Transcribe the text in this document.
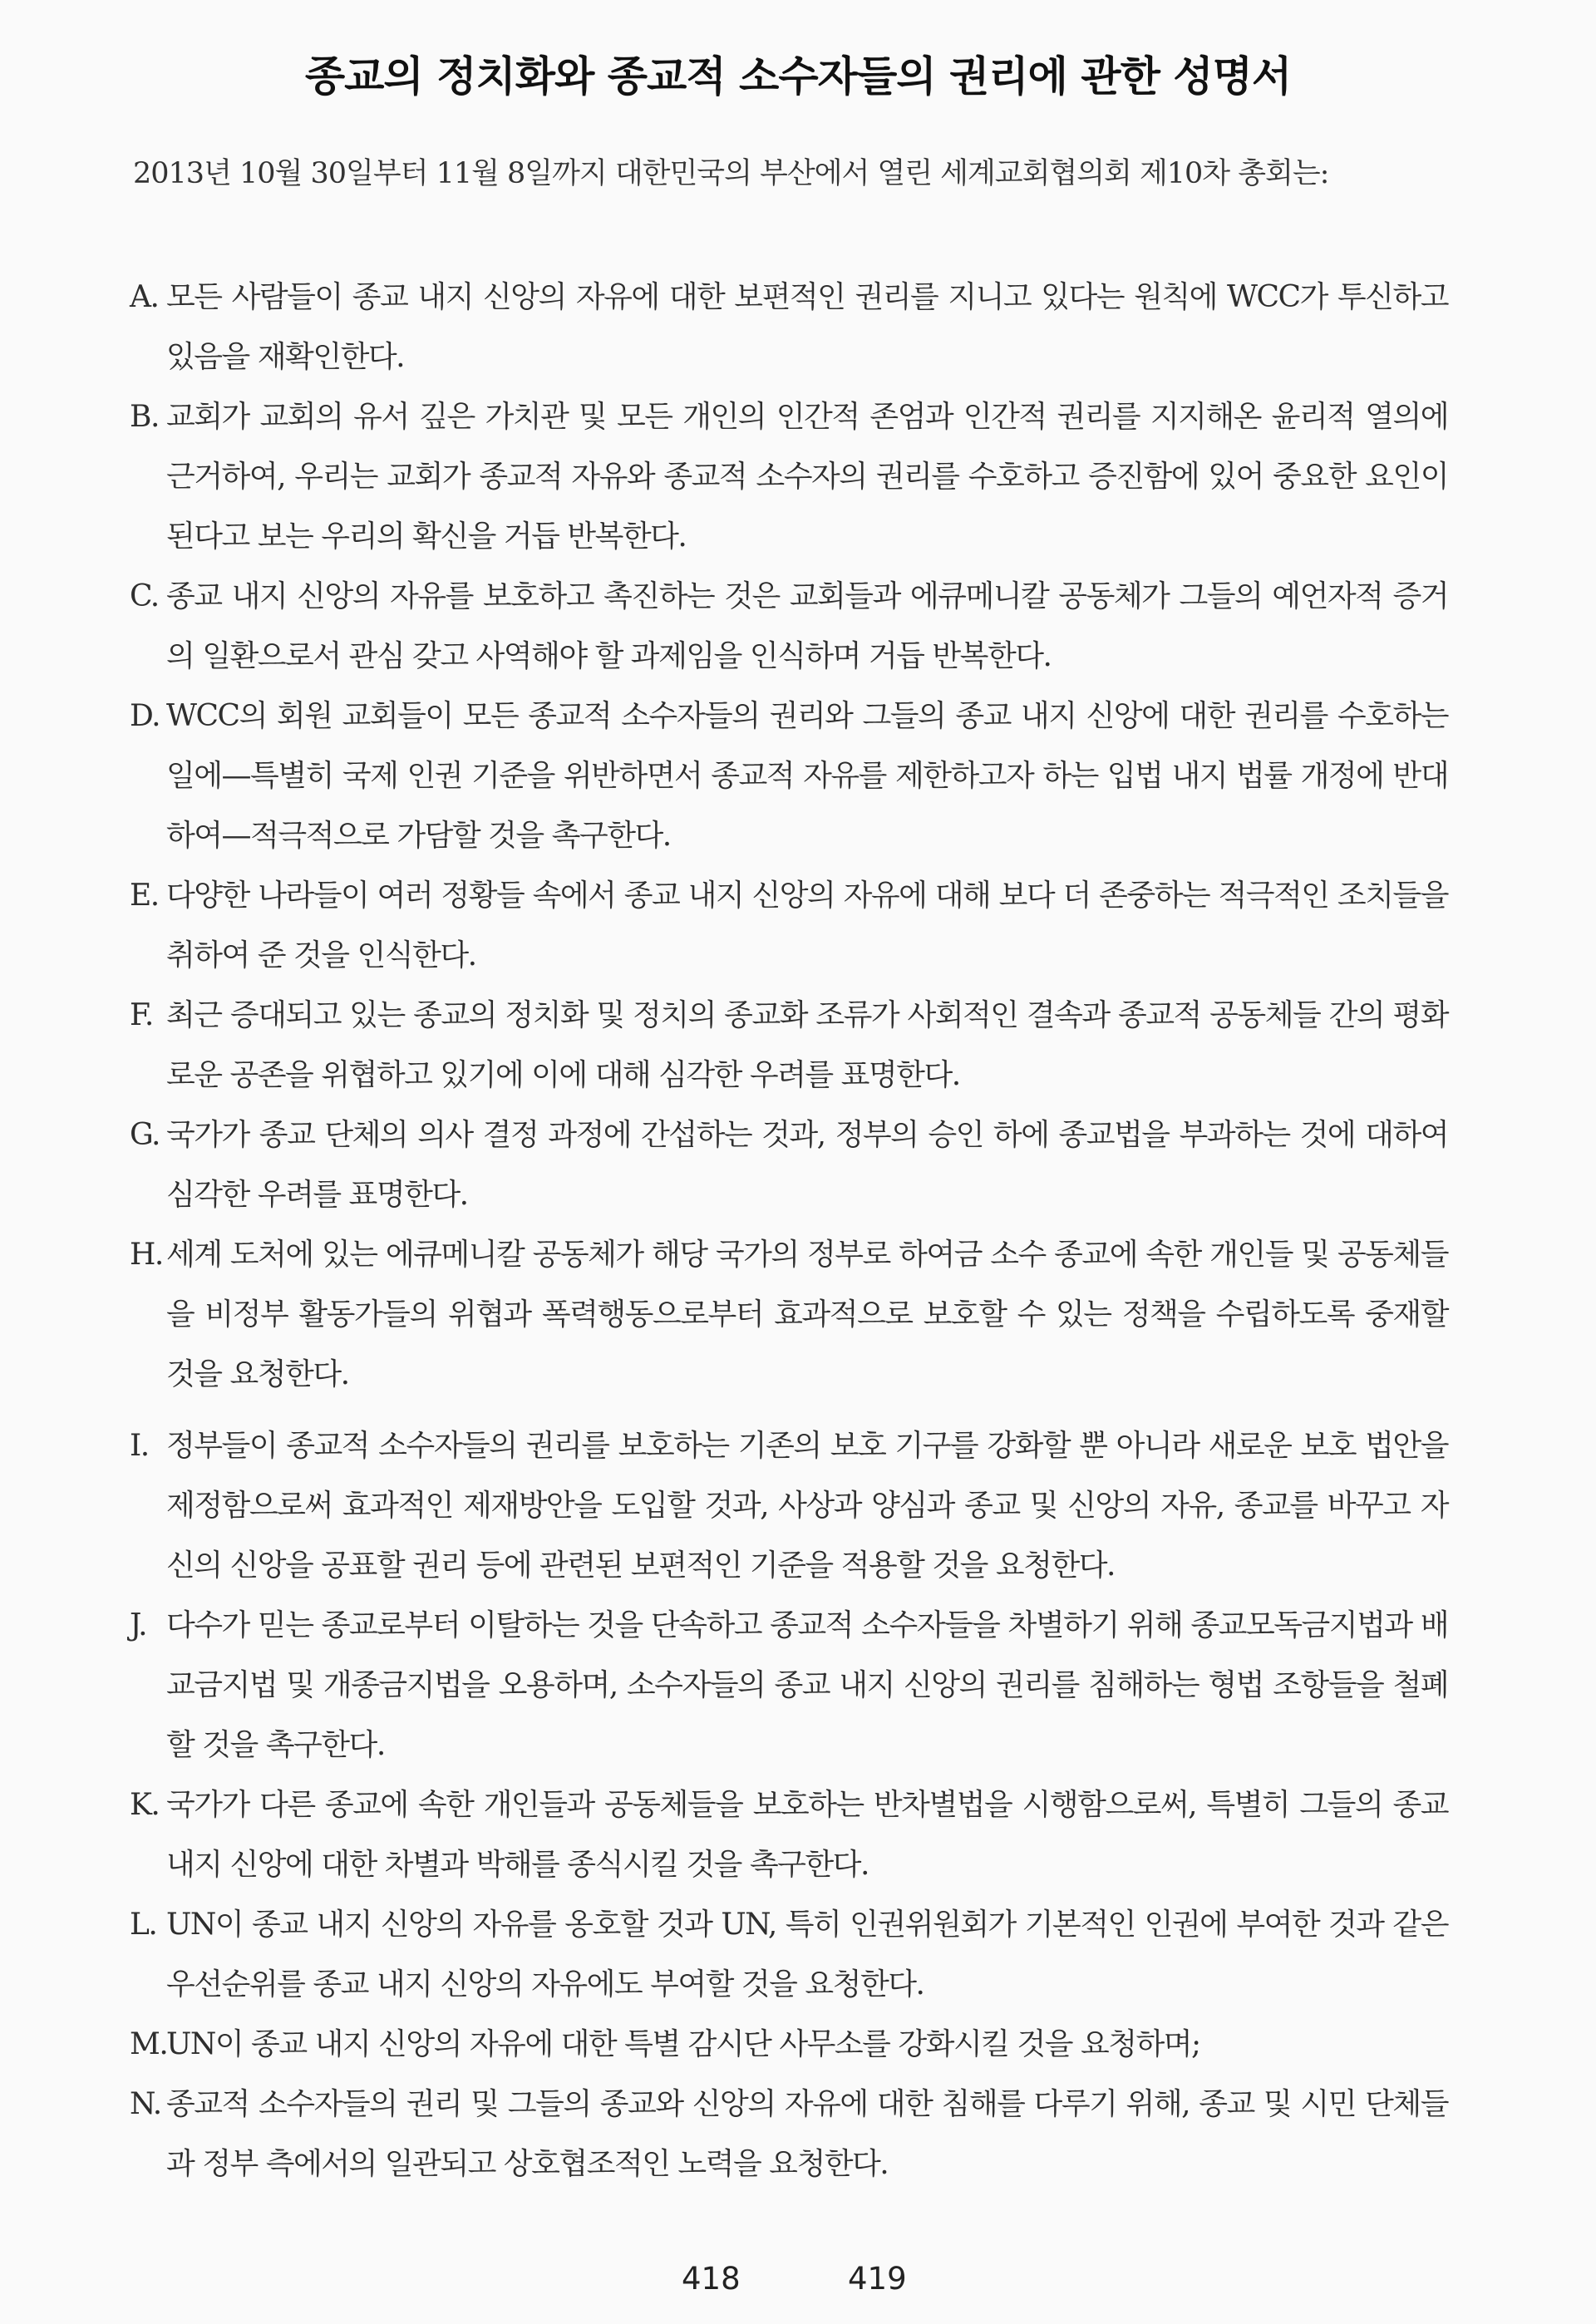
종교의 정치화와 종교적 소수자들의 권리에 관한 성명서
2013년 10월 30일부터 11월 8일까지 대한민국의 부산에서 열린 세계교회협의회 제10차 총회는:
A. 모든 사람들이 종교 내지 신앙의 자유에 대한 보편적인 권리를 지니고 있다는 원칙에 WCC가 투신하고 있음을 재확인한다.
B. 교회가 교회의 유서 깊은 가치관 및 모든 개인의 인간적 존엄과 인간적 권리를 지지해온 윤리적 열의에 근거하여, 우리는 교회가 종교적 자유와 종교적 소수자의 권리를 수호하고 증진함에 있어 중요한 요인이 된다고 보는 우리의 확신을 거듭 반복한다.
C. 종교 내지 신앙의 자유를 보호하고 촉진하는 것은 교회들과 에큐메니칼 공동체가 그들의 예언자적 증거의 일환으로서 관심 갖고 사역해야 할 과제임을 인식하며 거듭 반복한다.
D. WCC의 회원 교회들이 모든 종교적 소수자들의 권리와 그들의 종교 내지 신앙에 대한 권리를 수호하는 일에—특별히 국제 인권 기준을 위반하면서 종교적 자유를 제한하고자 하는 입법 내지 법률 개정에 반대하여—적극적으로 가담할 것을 촉구한다.
E. 다양한 나라들이 여러 정황들 속에서 종교 내지 신앙의 자유에 대해 보다 더 존중하는 적극적인 조치들을 취하여 준 것을 인식한다.
F. 최근 증대되고 있는 종교의 정치화 및 정치의 종교화 조류가 사회적인 결속과 종교적 공동체들 간의 평화로운 공존을 위협하고 있기에 이에 대해 심각한 우려를 표명한다.
G. 국가가 종교 단체의 의사 결정 과정에 간섭하는 것과, 정부의 승인 하에 종교법을 부과하는 것에 대하여 심각한 우려를 표명한다.
H. 세계 도처에 있는 에큐메니칼 공동체가 해당 국가의 정부로 하여금 소수 종교에 속한 개인들 및 공동체들을 비정부 활동가들의 위협과 폭력행동으로부터 효과적으로 보호할 수 있는 정책을 수립하도록 중재할 것을 요청한다.
I. 정부들이 종교적 소수자들의 권리를 보호하는 기존의 보호 기구를 강화할 뿐 아니라 새로운 보호 법안을 제정함으로써 효과적인 제재방안을 도입할 것과, 사상과 양심과 종교 및 신앙의 자유, 종교를 바꾸고 자신의 신앙을 공표할 권리 등에 관련된 보편적인 기준을 적용할 것을 요청한다.
J. 다수가 믿는 종교로부터 이탈하는 것을 단속하고 종교적 소수자들을 차별하기 위해 종교모독금지법과 배교금지법 및 개종금지법을 오용하며, 소수자들의 종교 내지 신앙의 권리를 침해하는 형법 조항들을 철폐할 것을 촉구한다.
K. 국가가 다른 종교에 속한 개인들과 공동체들을 보호하는 반차별법을 시행함으로써, 특별히 그들의 종교 내지 신앙에 대한 차별과 박해를 종식시킬 것을 촉구한다.
L. UN이 종교 내지 신앙의 자유를 옹호할 것과 UN, 특히 인권위원회가 기본적인 인권에 부여한 것과 같은 우선순위를 종교 내지 신앙의 자유에도 부여할 것을 요청한다.
M.
UN이 종교 내지 신앙의 자유에 대한 특별 감시단 사무소를 강화시킬 것을 요청하며;
N. 종교적 소수자들의 권리 및 그들의 종교와 신앙의 자유에 대한 침해를 다루기 위해, 종교 및 시민 단체들과 정부 측에서의 일관되고 상호협조적인 노력을 요청한다.
418	419
